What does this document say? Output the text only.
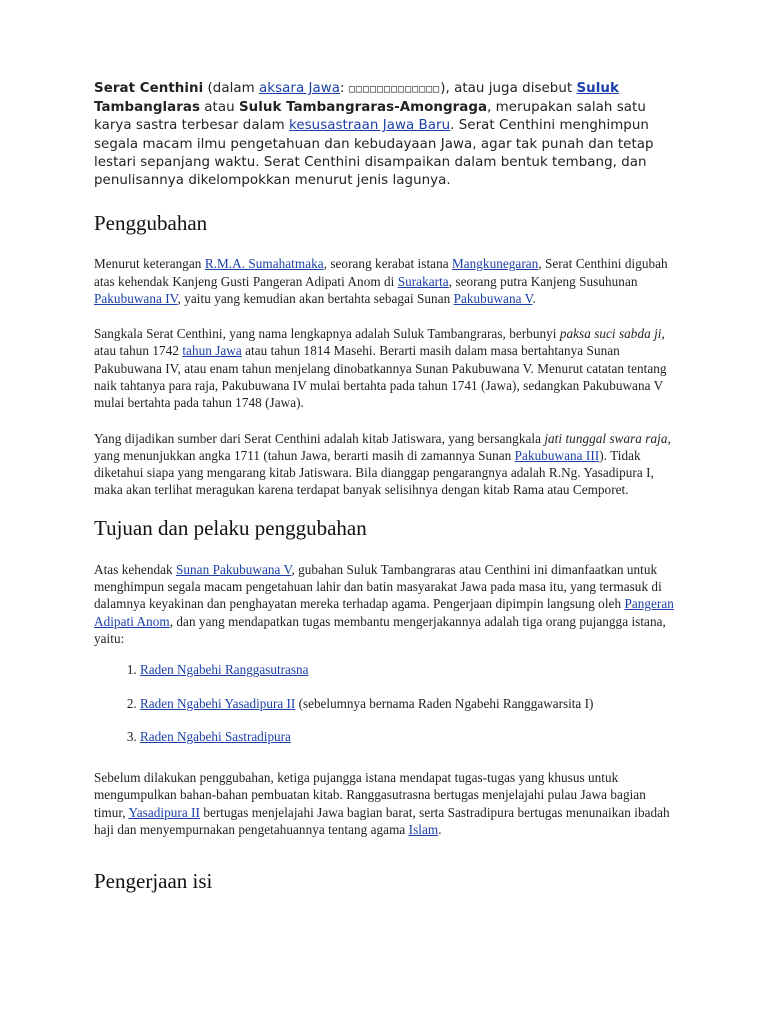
Serat Centhini (dalam aksara Jawa: □□□□□□□□□□□□□), atau juga disebut Suluk Tambanglaras atau Suluk Tambangraras-Amongraga, merupakan salah satu karya sastra terbesar dalam kesusastraan Jawa Baru. Serat Centhini menghimpun segala macam ilmu pengetahuan dan kebudayaan Jawa, agar tak punah dan tetap lestari sepanjang waktu. Serat Centhini disampaikan dalam bentuk tembang, dan penulisannya dikelompokkan menurut jenis lagunya.

Penggubahan

Menurut keterangan R.M.A. Sumahatmaka, seorang kerabat istana Mangkunegaran, Serat Centhini digubah atas kehendak Kanjeng Gusti Pangeran Adipati Anom di Surakarta, seorang putra Kanjeng Susuhunan Pakubuwana IV, yaitu yang kemudian akan bertahta sebagai Sunan Pakubuwana V.

Sangkala Serat Centhini, yang nama lengkapnya adalah Suluk Tambangraras, berbunyi paksa suci sabda ji, atau tahun 1742 tahun Jawa atau tahun 1814 Masehi. Berarti masih dalam masa bertahtanya Sunan Pakubuwana IV, atau enam tahun menjelang dinobatkannya Sunan Pakubuwana V. Menurut catatan tentang naik tahtanya para raja, Pakubuwana IV mulai bertahta pada tahun 1741 (Jawa), sedangkan Pakubuwana V mulai bertahta pada tahun 1748 (Jawa).

Yang dijadikan sumber dari Serat Centhini adalah kitab Jatiswara, yang bersangkala jati tunggal swara raja, yang menunjukkan angka 1711 (tahun Jawa, berarti masih di zamannya Sunan Pakubuwana III). Tidak diketahui siapa yang mengarang kitab Jatiswara. Bila dianggap pengarangnya adalah R.Ng. Yasadipura I, maka akan terlihat meragukan karena terdapat banyak selisihnya dengan kitab Rama atau Cemporet.

Tujuan dan pelaku penggubahan

Atas kehendak Sunan Pakubuwana V, gubahan Suluk Tambangraras atau Centhini ini dimanfaatkan untuk menghimpun segala macam pengetahuan lahir dan batin masyarakat Jawa pada masa itu, yang termasuk di dalamnya keyakinan dan penghayatan mereka terhadap agama. Pengerjaan dipimpin langsung oleh Pangeran Adipati Anom, dan yang mendapatkan tugas membantu mengerjakannya adalah tiga orang pujangga istana, yaitu:

1. Raden Ngabehi Ranggasutrasna
2. Raden Ngabehi Yasadipura II (sebelumnya bernama Raden Ngabehi Ranggawarsita I)
3. Raden Ngabehi Sastradipura

Sebelum dilakukan penggubahan, ketiga pujangga istana mendapat tugas-tugas yang khusus untuk mengumpulkan bahan-bahan pembuatan kitab. Ranggasutrasna bertugas menjelajahi pulau Jawa bagian timur, Yasadipura II bertugas menjelajahi Jawa bagian barat, serta Sastradipura bertugas menunaikan ibadah haji dan menyempurnakan pengetahuannya tentang agama Islam.

Pengerjaan isi
